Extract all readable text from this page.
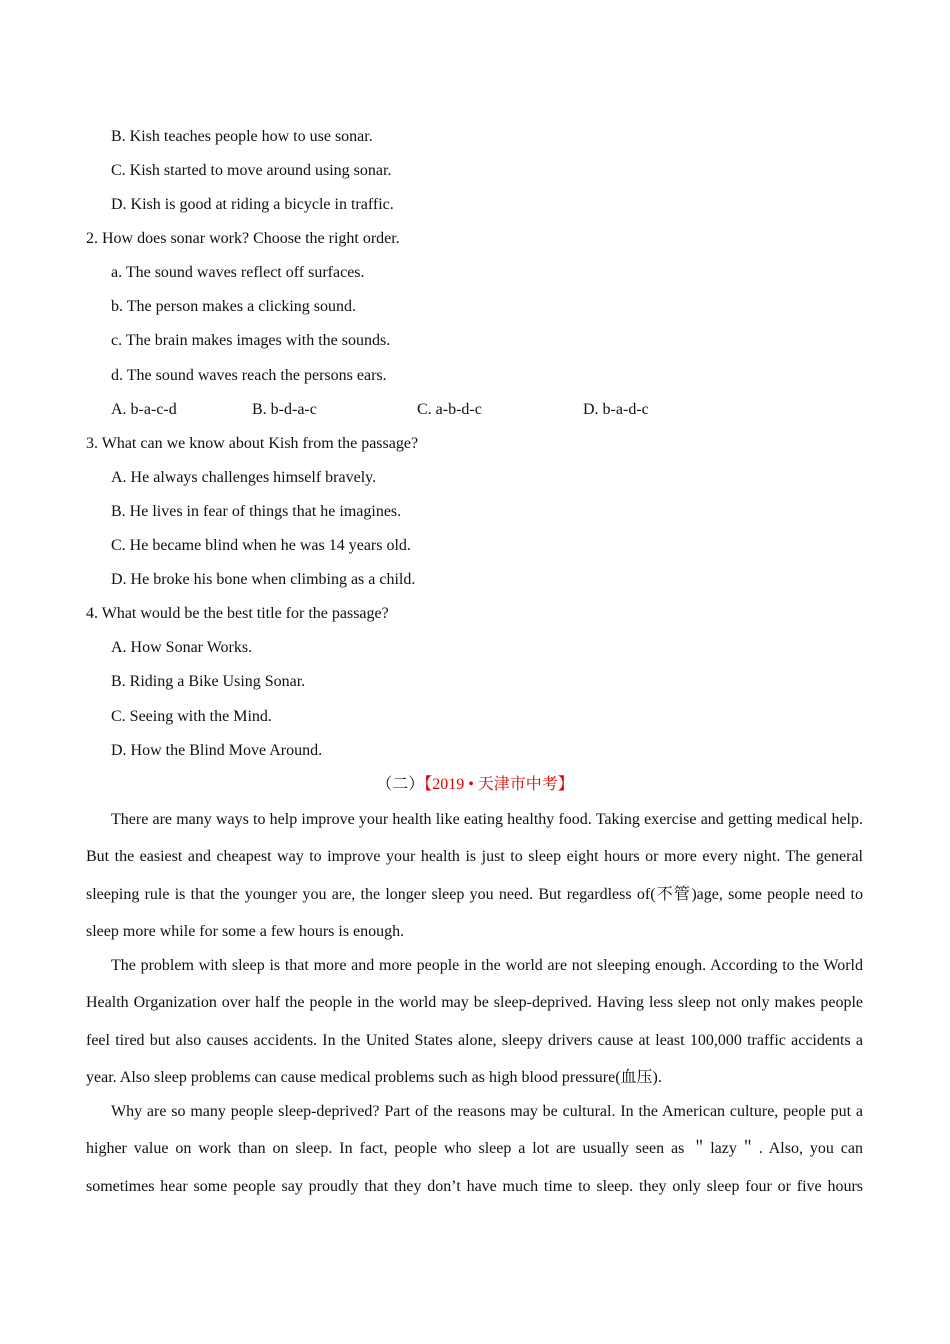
B. Kish teaches people how to use sonar.
C. Kish started to move around using sonar.
D. Kish is good at riding a bicycle in traffic.
2. How does sonar work? Choose the right order.
a. The sound waves reflect off surfaces.
b. The person makes a clicking sound.
c. The brain makes images with the sounds.
d. The sound waves reach the persons ears.
A. b-a-c-d	B. b-d-a-c	C. a-b-d-c	D. b-a-d-c
3. What can we know about Kish from the passage?
A. He always challenges himself bravely.
B. He lives in fear of things that he imagines.
C. He became blind when he was 14 years old.
D. He broke his bone when climbing as a child.
4. What would be the best title for the passage?
A. How Sonar Works.
B. Riding a Bike Using Sonar.
C. Seeing with the Mind.
D. How the Blind Move Around.
（二）【2019 • 天津市中考】

There are many ways to help improve your health like eating healthy food. Taking exercise and getting medical help. But the easiest and cheapest way to improve your health is just to sleep eight hours or more every night. The general sleeping rule is that the younger you are, the longer sleep you need. But regardless of(不管)age, some people need to sleep more while for some a few hours is enough.

The problem with sleep is that more and more people in the world are not sleeping enough. According to the World Health Organization over half the people in the world may be sleep-deprived. Having less sleep not only makes people feel tired but also causes accidents. In the United States alone, sleepy drivers cause at least 100,000 traffic accidents a year. Also sleep problems can cause medical problems such as high blood pressure(血压).

Why are so many people sleep-deprived? Part of the reasons may be cultural. In the American culture, people put a higher value on work than on sleep. In fact, people who sleep a lot are usually seen as ＂lazy＂. Also, you can sometimes hear some people say proudly that they don’t have much time to sleep. they only sleep four or five hours
